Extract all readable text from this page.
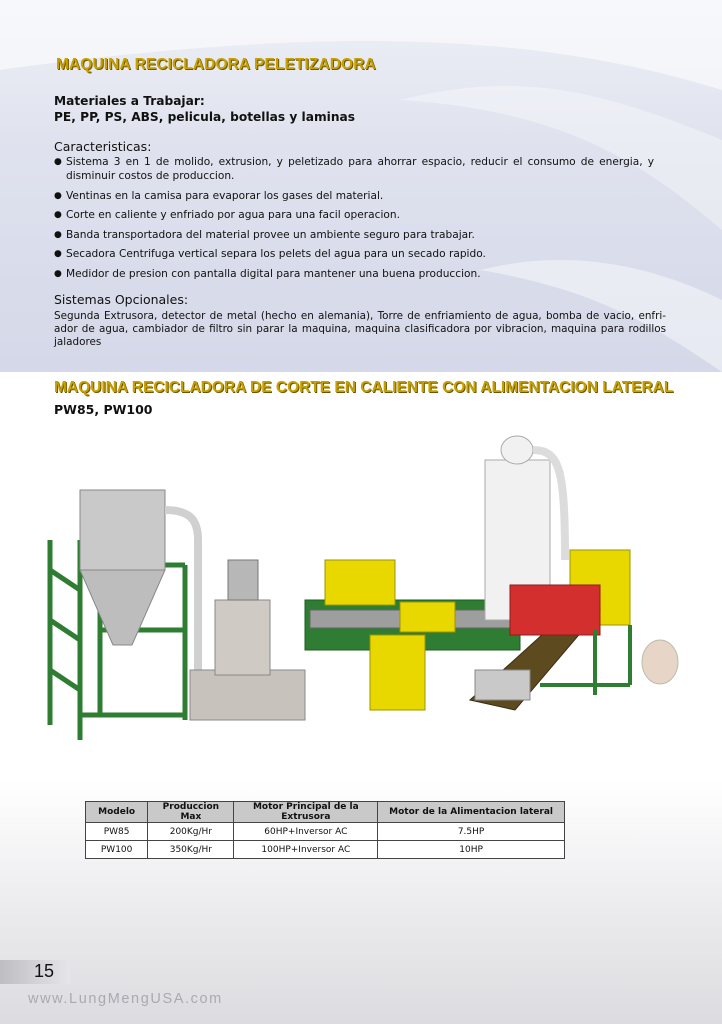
MAQUINA RECICLADORA PELETIZADORA

Materiales a Trabajar:

PE, PP, PS, ABS, pelicula, botellas y laminas

Caracteristicas:

● Sistema 3 en 1 de molido, extrusion, y peletizado para ahorrar espacio, reducir el consumo de energia, y disminuir costos de produccion.
● Ventinas en la camisa para evaporar los gases del material.
● Corte en caliente y enfriado por agua para una facil operacion.
● Banda transportadora del material provee un ambiente seguro para trabajar.
● Secadora Centrifuga vertical separa los pelets del agua para un secado rapido.
● Medidor de presion con pantalla digital para mantener una buena produccion.

Sistemas Opcionales:

Segunda Extrusora, detector de metal (hecho en alemania), Torre de enfriamiento de agua, bomba de vacio, enfri-ador de agua, cambiador de filtro sin parar la maquina, maquina clasificadora por vibracion, maquina para rodillos jaladores

MAQUINA RECICLADORA DE CORTE EN CALIENTE CON ALIMENTACION LATERAL

PW85, PW100

Modelo	Produccion Max	Motor Principal de la Extrusora	Motor de la Alimentacion lateral
PW85	200Kg/Hr	60HP+Inversor AC	7.5HP
PW100	350Kg/Hr	100HP+Inversor AC	10HP

15

www.LungMengUSA.com
